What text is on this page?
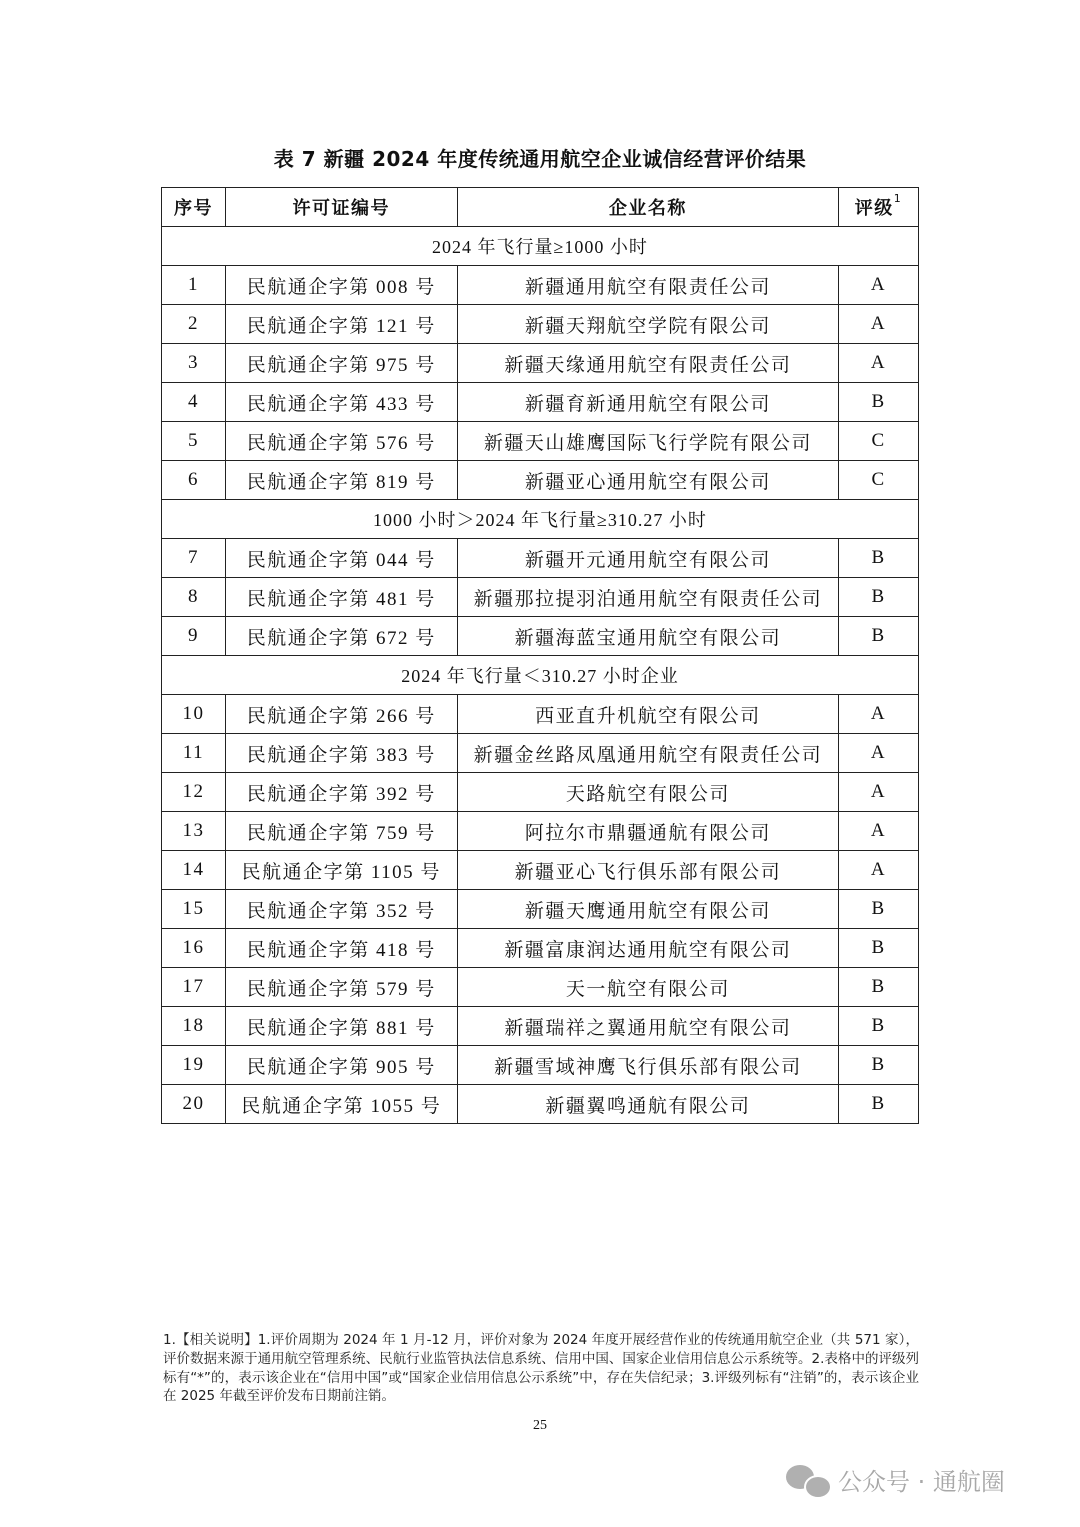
表 7 新疆 2024 年度传统通用航空企业诚信经营评价结果
序号	许可证编号	企业名称	评级$^1$
2024 年飞行量≥1000 小时			
1	民航通企字第 008 号	新疆通用航空有限责任公司	A
2	民航通企字第 121 号	新疆天翔航空学院有限公司	A
3	民航通企字第 975 号	新疆天缘通用航空有限责任公司	A
4	民航通企字第 433 号	新疆育新通用航空有限公司	B
5	民航通企字第 576 号	新疆天山雄鹰国际飞行学院有限公司	C
6	民航通企字第 819 号	新疆亚心通用航空有限公司	C
1000 小时＞2024 年飞行量≥310.27 小时			
7	民航通企字第 044 号	新疆开元通用航空有限公司	B
8	民航通企字第 481 号	新疆那拉提羽泊通用航空有限责任公司	B
9	民航通企字第 672 号	新疆海蓝宝通用航空有限公司	B
2024 年飞行量＜310.27 小时企业			
10	民航通企字第 266 号	西亚直升机航空有限公司	A
11	民航通企字第 383 号	新疆金丝路凤凰通用航空有限责任公司	A
12	民航通企字第 392 号	天路航空有限公司	A
13	民航通企字第 759 号	阿拉尔市鼎疆通航有限公司	A
14	民航通企字第 1105 号	新疆亚心飞行俱乐部有限公司	A
15	民航通企字第 352 号	新疆天鹰通用航空有限公司	B
16	民航通企字第 418 号	新疆富康润达通用航空有限公司	B
17	民航通企字第 579 号	天一航空有限公司	B
18	民航通企字第 881 号	新疆瑞祥之翼通用航空有限公司	B
19	民航通企字第 905 号	新疆雪域神鹰飞行俱乐部有限公司	B
20	民航通企字第 1055 号	新疆翼鸣通航有限公司	B
1.【相关说明】1.评价周期为 2024 年 1 月-12 月，评价对象为 2024 年度开展经营作业的传统通用航空企业（共 571 家），评价数据来源于通用航空管理系统、民航行业监管执法信息系统、信用中国、国家企业信用信息公示系统等。2.表格中的评级列标有“*”的，表示该企业在“信用中国”或“国家企业信用信息公示系统”中，存在失信纪录；3.评级列标有“注销”的，表示该企业在 2025 年截至评价发布日期前注销。
25
公众号 · 通航圈
